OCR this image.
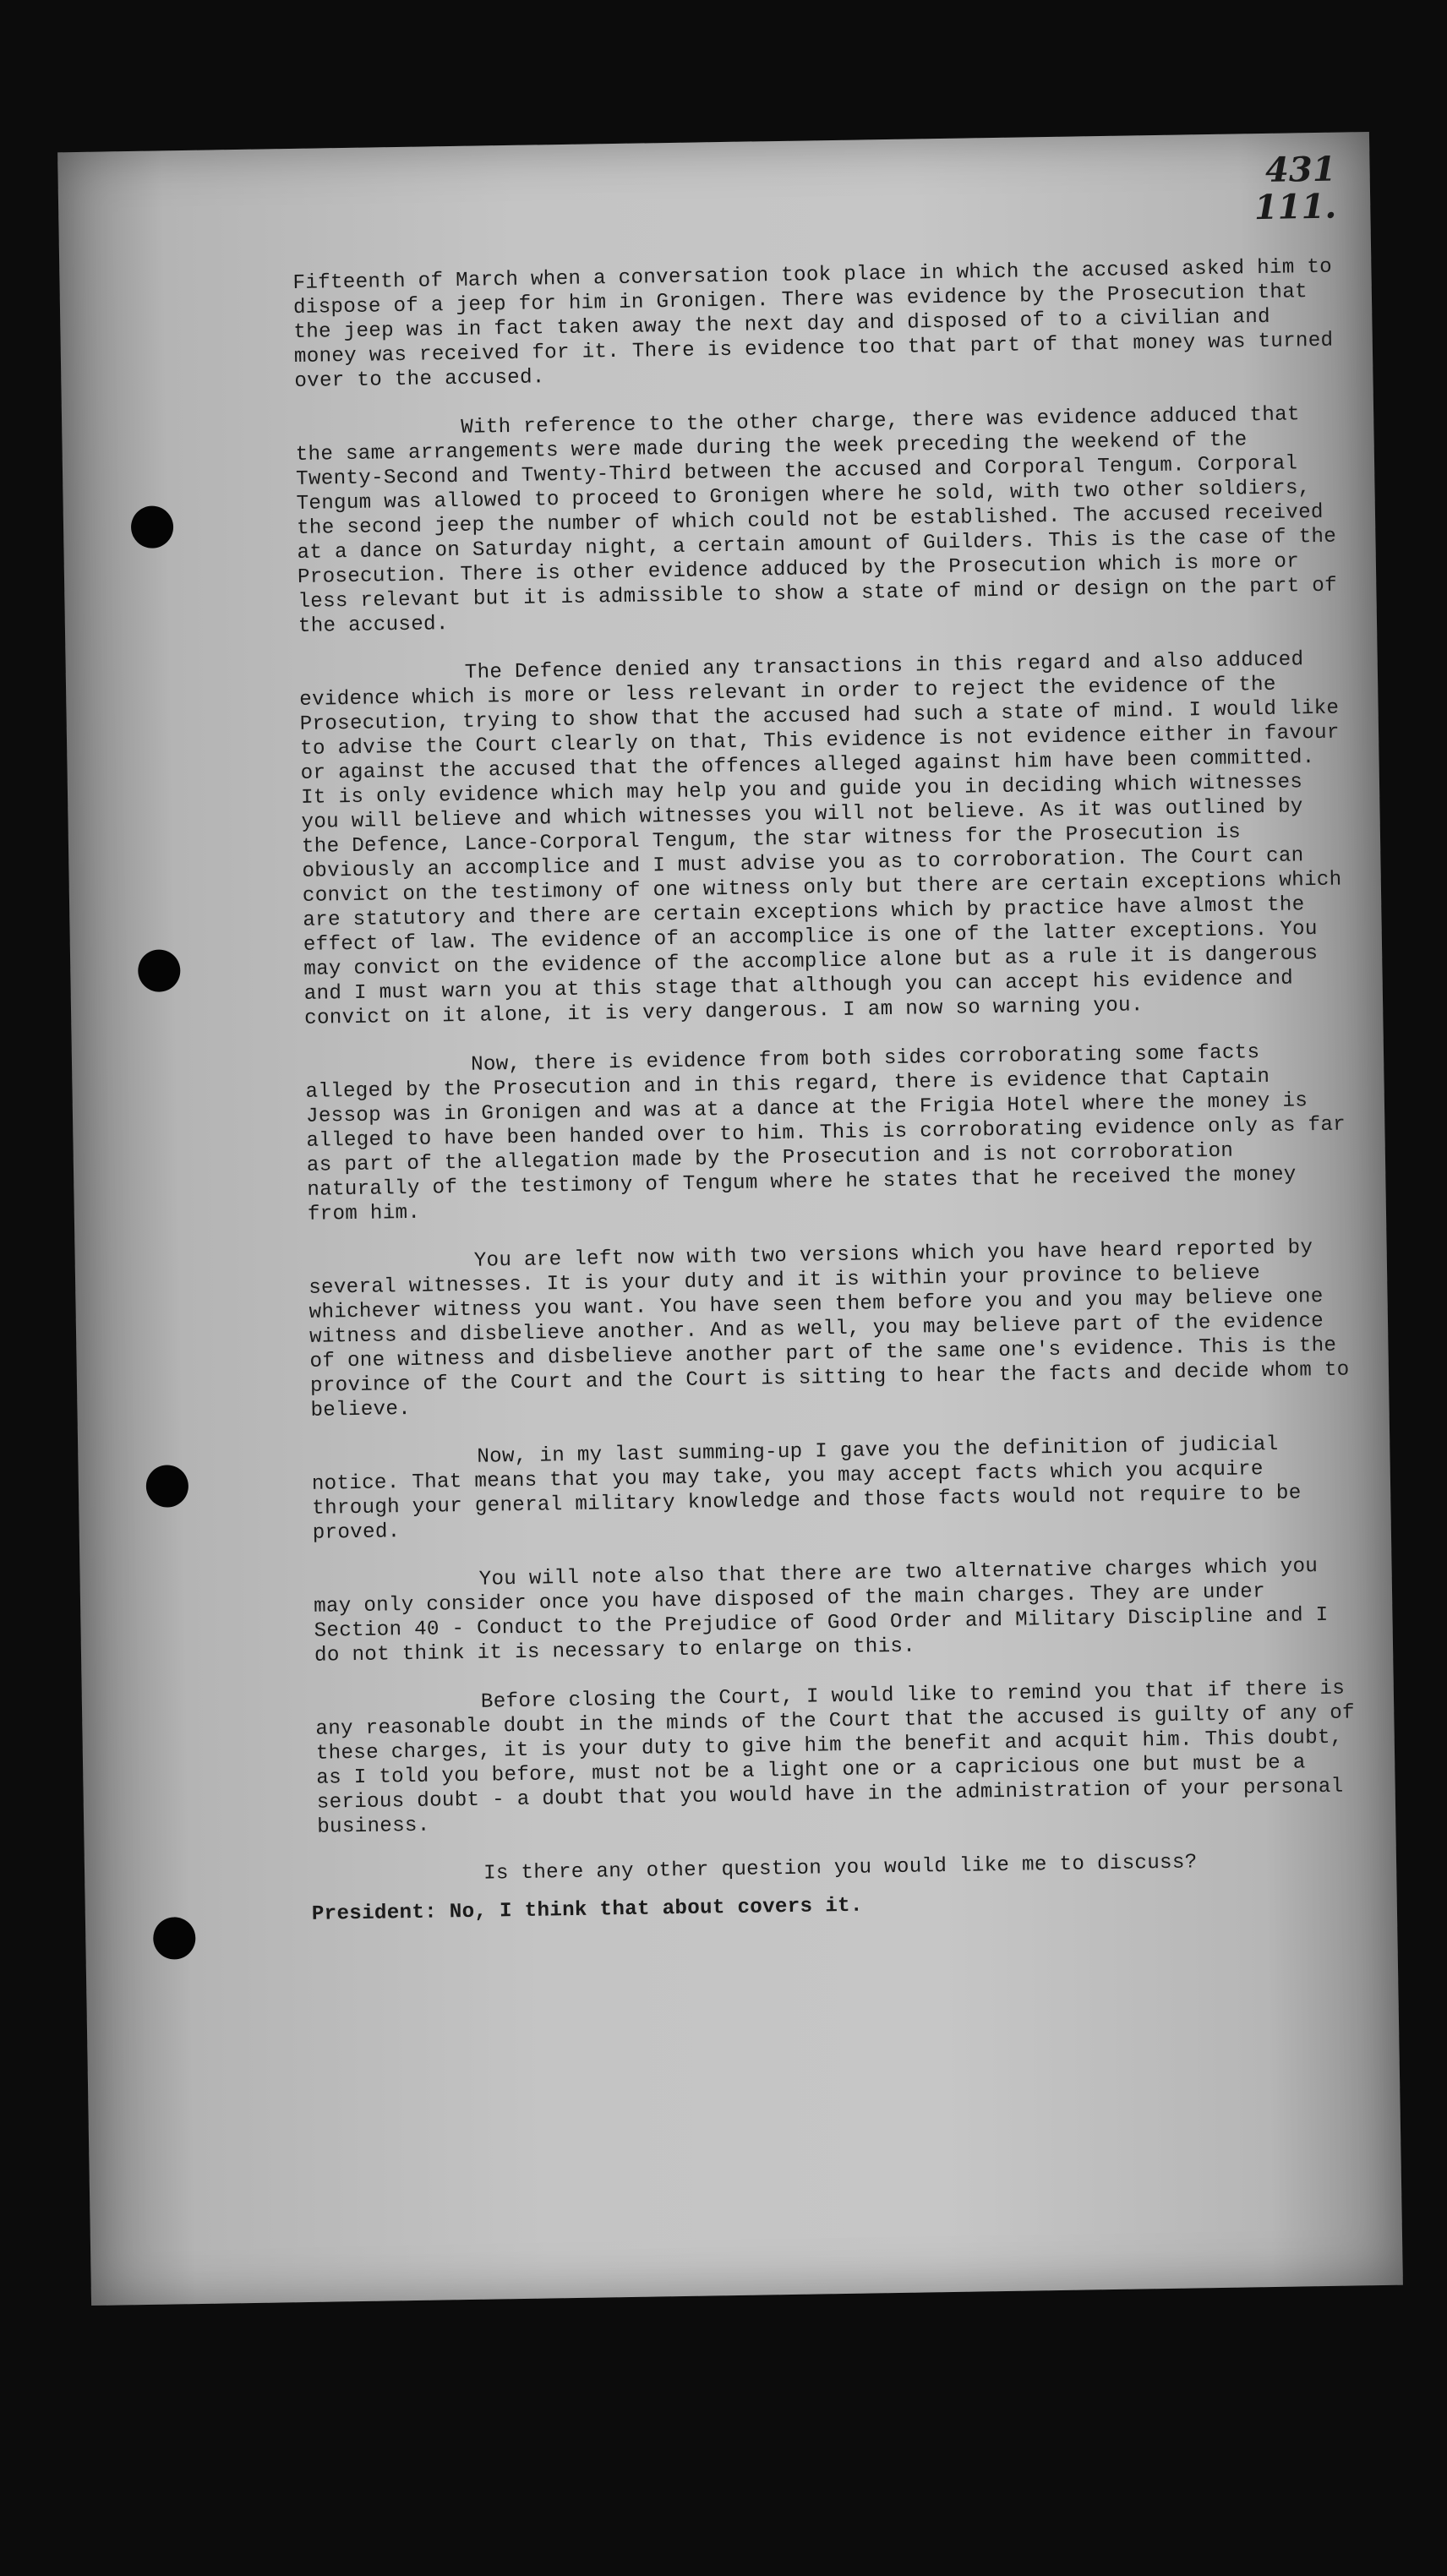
431
111.

Fifteenth of March when a conversation took place in which the accused asked him to dispose of a jeep for him in Gronigen. There was evidence by the Prosecution that the jeep was in fact taken away the next day and disposed of to a civilian and money was received for it. There is evidence too that part of that money was turned over to the accused.

With reference to the other charge, there was evidence adduced that the same arrangements were made during the week preceding the weekend of the Twenty-Second and Twenty-Third between the accused and Corporal Tengum. Corporal Tengum was allowed to proceed to Gronigen where he sold, with two other soldiers, the second jeep the number of which could not be established. The accused received at a dance on Saturday night, a certain amount of Guilders. This is the case of the Prosecution. There is other evidence adduced by the Prosecution which is more or less relevant but it is admissible to show a state of mind or design on the part of the accused.

The Defence denied any transactions in this regard and also adduced evidence which is more or less relevant in order to reject the evidence of the Prosecution, trying to show that the accused had such a state of mind. I would like to advise the Court clearly on that, This evidence is not evidence either in favour or against the accused that the offences alleged against him have been committed. It is only evidence which may help you and guide you in deciding which witnesses you will believe and which witnesses you will not believe. As it was outlined by the Defence, Lance-Corporal Tengum, the star witness for the Prosecution is obviously an accomplice and I must advise you as to corroboration. The Court can convict on the testimony of one witness only but there are certain exceptions which are statutory and there are certain exceptions which by practice have almost the effect of law. The evidence of an accomplice is one of the latter exceptions. You may convict on the evidence of the accomplice alone but as a rule it is dangerous and I must warn you at this stage that although you can accept his evidence and convict on it alone, it is very dangerous. I am now so warning you.

Now, there is evidence from both sides corroborating some facts alleged by the Prosecution and in this regard, there is evidence that Captain Jessop was in Gronigen and was at a dance at the Frigia Hotel where the money is alleged to have been handed over to him. This is corroborating evidence only as far as part of the allegation made by the Prosecution and is not corroboration naturally of the testimony of Tengum where he states that he received the money from him.

You are left now with two versions which you have heard reported by several witnesses. It is your duty and it is within your province to believe whichever witness you want. You have seen them before you and you may believe one witness and disbelieve another. And as well, you may believe part of the evidence of one witness and disbelieve another part of the same one's evidence. This is the province of the Court and the Court is sitting to hear the facts and decide whom to believe.

Now, in my last summing-up I gave you the definition of judicial notice. That means that you may take, you may accept facts which you acquire through your general military knowledge and those facts would not require to be proved.

You will note also that there are two alternative charges which you may only consider once you have disposed of the main charges. They are under Section 40 - Conduct to the Prejudice of Good Order and Military Discipline and I do not think it is necessary to enlarge on this.

Before closing the Court, I would like to remind you that if there is any reasonable doubt in the minds of the Court that the accused is guilty of any of these charges, it is your duty to give him the benefit and acquit him. This doubt, as I told you before, must not be a light one or a capricious one but must be a serious doubt - a doubt that you would have in the administration of your personal business.

Is there any other question you would like me to discuss?

President: No, I think that about covers it.
